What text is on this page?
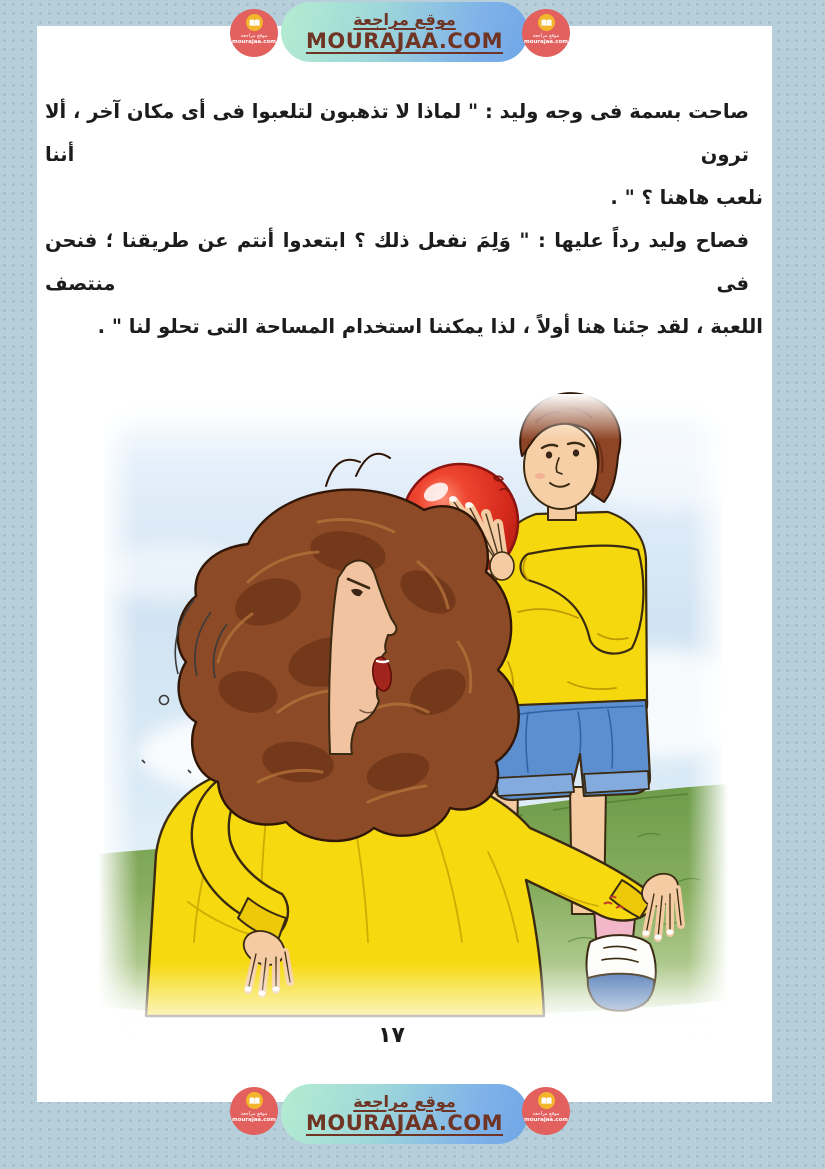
موقع مراجعة
mourajaa.com
موقع مراجعة
MOURAJAA.COM	موقع مراجعة
mourajaa.com
صاحت بسمة فى وجه وليد : " لماذا لا تذهبون لتلعبوا فى أى مكان آخر ، ألا ترون أننا
نلعب هاهنا ؟ " .
فصاح وليد رداً عليها : " وَلِمَ نفعل ذلك ؟ ابتعدوا أنتم عن طريقنا ؛ فنحن فى منتصف
اللعبة ، لقد جئنا هنا أولاً ، لذا يمكننا استخدام المساحة التى تحلو لنا " .
١٧
موقع مراجعة
mourajaa.com
موقع مراجعة
MOURAJAA.COM	موقع مراجعة
mourajaa.com
